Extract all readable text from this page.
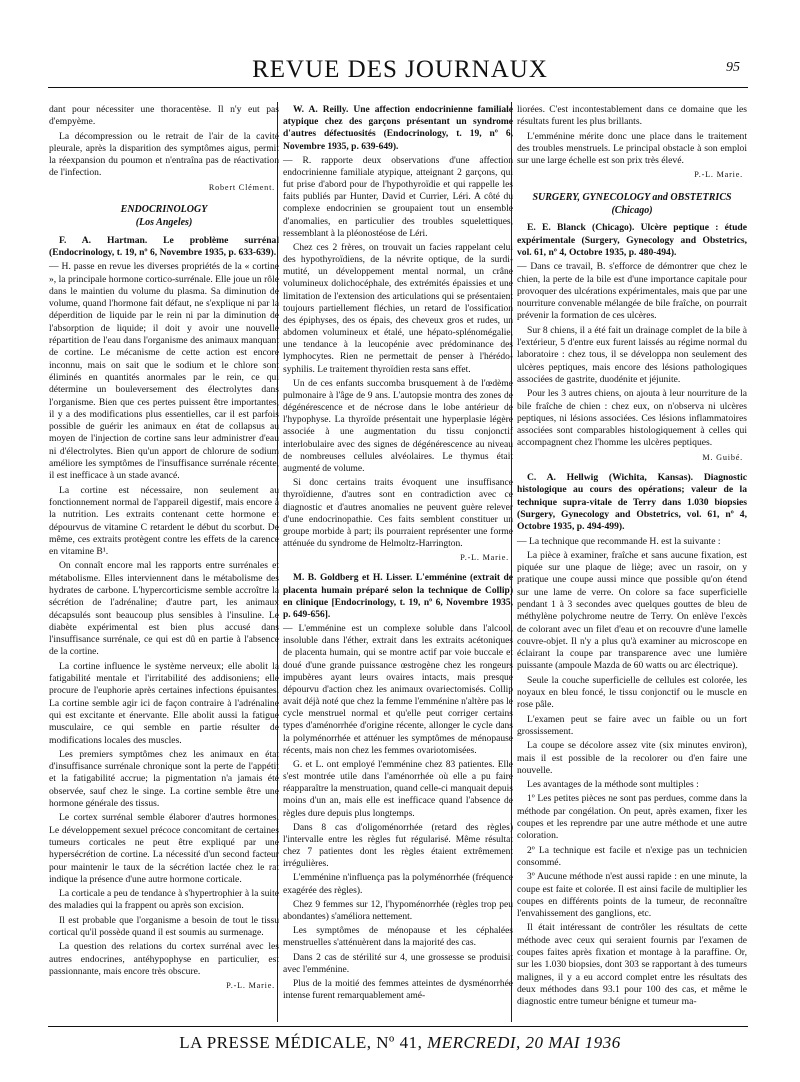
REVUE DES JOURNAUX	95

dant pour nécessiter une thoracentèse. Il n'y eut pas d'empyème.

La décompression ou le retrait de l'air de la cavité pleurale, après la disparition des symptômes aigus, permit la réexpansion du poumon et n'entraîna pas de réactivation de l'infection.

Robert Clément.
ENDOCRINOLOGY
(Los Angeles)

F. A. Hartman. Le problème surrénal (Endocrinology, t. 19, nº 6, Novembre 1935, p. 633-639).

— H. passe en revue les diverses propriétés de la « cortine », la principale hormone cortico-surrénale. Elle joue un rôle dans le maintien du volume du plasma. Sa diminution de volume, quand l'hormone fait défaut, ne s'explique ni par la déperdition de liquide par le rein ni par la diminution de l'absorption de liquide; il doit y avoir une nouvelle répartition de l'eau dans l'organisme des animaux manquant de cortine. Le mécanisme de cette action est encore inconnu, mais on sait que le sodium et le chlore sont éliminés en quantités anormales par le rein, ce qui détermine un bouleversement des électrolytes dans l'organisme. Bien que ces pertes puissent être importantes, il y a des modifications plus essentielles, car il est parfois possible de guérir les animaux en état de collapsus au moyen de l'injection de cortine sans leur administrer d'eau ni d'électrolytes. Bien qu'un apport de chlorure de sodium améliore les symptômes de l'insuffisance surrénale récente, il est inefficace à un stade avancé.

La cortine est nécessaire, non seulement au fonctionnement normal de l'appareil digestif, mais encore à la nutrition. Les extraits contenant cette hormone et dépourvus de vitamine C retardent le début du scorbut. De même, ces extraits protègent contre les effets de la carence en vitamine B¹.

On connaît encore mal les rapports entre surrénales et métabolisme. Elles interviennent dans le métabolisme des hydrates de carbone. L'hypercorticisme semble accroître la sécrétion de l'adrénaline; d'autre part, les animaux décapsulés sont beaucoup plus sensibles à l'insuline. Le diabète expérimental est bien plus accusé dans l'insuffisance surrénale, ce qui est dû en partie à l'absence de la cortine.

La cortine influence le système nerveux; elle abolit la fatigabilité mentale et l'irritabilité des addisoniens; elle procure de l'euphorie après certaines infections épuisantes. La cortine semble agir ici de façon contraire à l'adrénaline qui est excitante et énervante. Elle abolit aussi la fatigue musculaire, ce qui semble en partie résulter de modifications locales des muscles.

Les premiers symptômes chez les animaux en état d'insuffisance surrénale chronique sont la perte de l'appétit et la fatigabilité accrue; la pigmentation n'a jamais été observée, sauf chez le singe. La cortine semble être une hormone générale des tissus.

Le cortex surrénal semble élaborer d'autres hormones. Le développement sexuel précoce concomitant de certaines tumeurs corticales ne peut être expliqué par une hypersécrétion de cortine. La nécessité d'un second facteur pour maintenir le taux de la sécrétion lactée chez le rat indique la présence d'une autre hormone corticale.

La corticale a peu de tendance à s'hypertrophier à la suite des maladies qui la frappent ou après son excision.

Il est probable que l'organisme a besoin de tout le tissu cortical qu'il possède quand il est soumis au surmenage.

La question des relations du cortex surrénal avec les autres endocrines, antéhypophyse en particulier, est passionnante, mais encore très obscure.

P.-L. Marie.

W. A. Reilly. Une affection endocrinienne familiale atypique chez des garçons présentant un syndrome d'autres défectuosités (Endocrinology, t. 19, nº 6, Novembre 1935, p. 639-649).

— R. rapporte deux observations d'une affection endocrinienne familiale atypique, atteignant 2 garçons, qui fut prise d'abord pour de l'hypothyroïdie et qui rappelle les faits publiés par Hunter, David et Currier, Léri. A côté du complexe endocrinien se groupaient tout un ensemble d'anomalies, en particulier des troubles squelettiques, ressemblant à la pléonostéose de Léri.

Chez ces 2 frères, on trouvait un facies rappelant celui des hypothyroïdiens, de la névrite optique, de la surdi-mutité, un développement mental normal, un crâne volumineux dolichocéphale, des extrémités épaissies et une limitation de l'extension des articulations qui se présentaient toujours partiellement fléchies, un retard de l'ossification des épiphyses, des os épais, des cheveux gros et rudes, un abdomen volumineux et étalé, une hépato-splénomégalie, une tendance à la leucopénie avec prédominance des lymphocytes. Rien ne permettait de penser à l'hérédo-syphilis. Le traitement thyroïdien resta sans effet.

Un de ces enfants succomba brusquement à de l'œdème pulmonaire à l'âge de 9 ans. L'autopsie montra des zones de dégénérescence et de nécrose dans le lobe antérieur de l'hypophyse. La thyroïde présentait une hyperplasie légère associée à une augmentation du tissu conjonctif interlobulaire avec des signes de dégénérescence au niveau de nombreuses cellules alvéolaires. Le thymus était augmenté de volume.

Si donc certains traits évoquent une insuffisance thyroïdienne, d'autres sont en contradiction avec ce diagnostic et d'autres anomalies ne peuvent guère relever d'une endocrinopathie. Ces faits semblent constituer un groupe morbide à part; ils pourraient représenter une forme atténuée du syndrome de Helmoltz-Harrington.

P.-L. Marie.

M. B. Goldberg et H. Lisser. L'emménine (extrait de placenta humain préparé selon la technique de Collip) en clinique [Endocrinology, t. 19, nº 6, Novembre 1935, p. 649-656].

— L'emménine est un complexe soluble dans l'alcool, insoluble dans l'éther, extrait dans les extraits acétoniques de placenta humain, qui se montre actif par voie buccale et doué d'une grande puissance œstrogène chez les rongeurs impubères ayant leurs ovaires intacts, mais presque dépourvu d'action chez les animaux ovariectomisés. Collip avait déjà noté que chez la femme l'emménine n'altère pas le cycle menstruel normal et qu'elle peut corriger certains types d'aménorrhée d'origine récente, allonger le cycle dans la polyménorrhée et atténuer les symptômes de ménopause récents, mais non chez les femmes ovariotomisées.

G. et L. ont employé l'emménine chez 83 patientes. Elle s'est montrée utile dans l'aménorrhée où elle a pu faire réapparaître la menstruation, quand celle-ci manquait depuis moins d'un an, mais elle est inefficace quand l'absence de règles dure depuis plus longtemps.

Dans 8 cas d'oligoménorrhée (retard des règles) l'intervalle entre les règles fut régularisé. Même résultat chez 7 patientes dont les règles étaient extrêmement irrégulières.

L'emménine n'influença pas la polyménorrhée (fréquence exagérée des règles).

Chez 9 femmes sur 12, l'hypoménorrhée (règles trop peu abondantes) s'améliora nettement.

Les symptômes de ménopause et les céphalées menstruelles s'atténuèrent dans la majorité des cas.

Dans 2 cas de stérilité sur 4, une grossesse se produisit avec l'emménine.

Plus de la moitié des femmes atteintes de dysménorrhée intense furent remarquablement amé-

liorées. C'est incontestablement dans ce domaine que les résultats furent les plus brillants.

L'emménine mérite donc une place dans le traitement des troubles menstruels. Le principal obstacle à son emploi sur une large échelle est son prix très élevé.

P.-L. Marie.
SURGERY, GYNECOLOGY and OBSTETRICS
(Chicago)

E. E. Blanck (Chicago). Ulcère peptique : étude expérimentale (Surgery, Gynecology and Obstetrics, vol. 61, nº 4, Octobre 1935, p. 480-494).

— Dans ce travail, B. s'efforce de démontrer que chez le chien, la perte de la bile est d'une importance capitale pour provoquer des ulcérations expérimentales, mais que par une nourriture convenable mélangée de bile fraîche, on pourrait prévenir la formation de ces ulcères.

Sur 8 chiens, il a été fait un drainage complet de la bile à l'extérieur, 5 d'entre eux furent laissés au régime normal du laboratoire : chez tous, il se développa non seulement des ulcères peptiques, mais encore des lésions pathologiques associées de gastrite, duodénite et jéjunite.

Pour les 3 autres chiens, on ajouta à leur nourriture de la bile fraîche de chien : chez eux, on n'observa ni ulcères peptiques, ni lésions associées. Ces lésions inflammatoires associées sont comparables histologiquement à celles qui accompagnent chez l'homme les ulcères peptiques.

M. Guibé.

C. A. Hellwig (Wichita, Kansas). Diagnostic histologique au cours des opérations; valeur de la technique supra-vitale de Terry dans 1.030 biopsies (Surgery, Gynecology and Obstetrics, vol. 61, nº 4, Octobre 1935, p. 494-499).

— La technique que recommande H. est la suivante :

La pièce à examiner, fraîche et sans aucune fixation, est piquée sur une plaque de liège; avec un rasoir, on y pratique une coupe aussi mince que possible qu'on étend sur une lame de verre. On colore sa face superficielle pendant 1 à 3 secondes avec quelques gouttes de bleu de méthylène polychrome neutre de Terry. On enlève l'excès de colorant avec un filet d'eau et on recouvre d'une lamelle couvre-objet. Il n'y a plus qu'à examiner au microscope en éclairant la coupe par transparence avec une lumière puissante (ampoule Mazda de 60 watts ou arc électrique).

Seule la couche superficielle de cellules est colorée, les noyaux en bleu foncé, le tissu conjonctif ou le muscle en rose pâle.

L'examen peut se faire avec un faible ou un fort grossissement.

La coupe se décolore assez vite (six minutes environ), mais il est possible de la recolorer ou d'en faire une nouvelle.

Les avantages de la méthode sont multiples :

1º Les petites pièces ne sont pas perdues, comme dans la méthode par congélation. On peut, après examen, fixer les coupes et les reprendre par une autre méthode et une autre coloration.

2º La technique est facile et n'exige pas un technicien consommé.

3º Aucune méthode n'est aussi rapide : en une minute, la coupe est faite et colorée. Il est ainsi facile de multiplier les coupes en différents points de la tumeur, de reconnaître l'envahissement des ganglions, etc.

Il était intéressant de contrôler les résultats de cette méthode avec ceux qui seraient fournis par l'examen de coupes faites après fixation et montage à la paraffine. Or, sur les 1.030 biopsies, dont 303 se rapportant à des tumeurs malignes, il y a eu accord complet entre les résultats des deux méthodes dans 93.1 pour 100 des cas, et même le diagnostic entre tumeur bénigne et tumeur ma-

LA PRESSE MÉDICALE, Nº 41, MERCREDI, 20 MAI 1936
